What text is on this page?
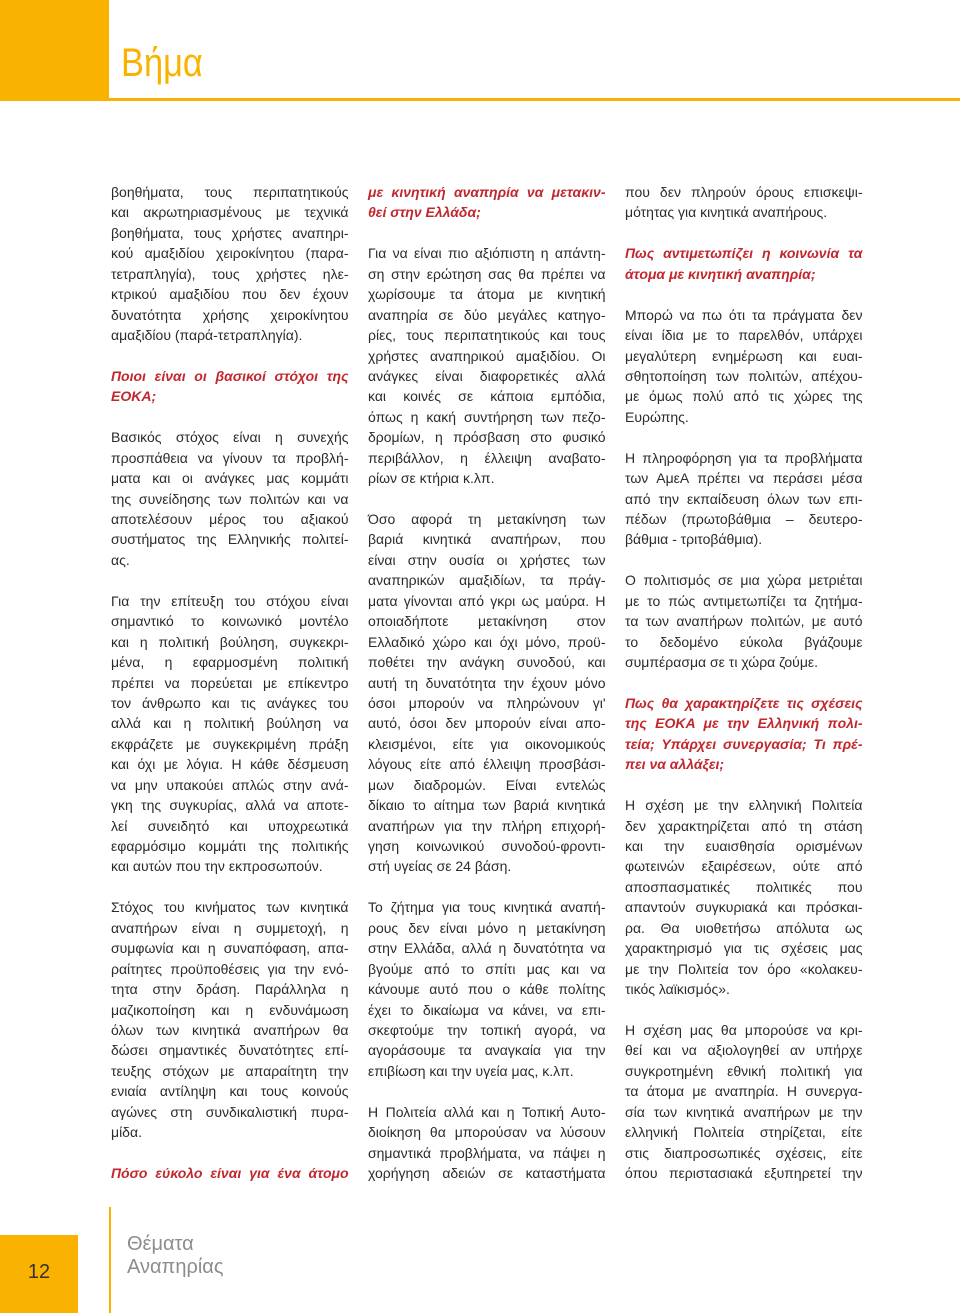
Βήμα
βοηθήματα, τους περιπατητικούς
και ακρωτηριασμένους με τεχνικά
βοηθήματα, τους χρήστες αναπηρι-
κού αμαξιδίου χειροκίνητου (παρα-
τετραπληγία), τους χρήστες ηλε-
κτρικού αμαξιδίου που δεν έχουν
δυνατότητα χρήσης χειροκίνητου
αμαξιδίου (παρά-τετραπληγία).
Ποιοι είναι οι βασικοί στόχοι της
ΕΟΚΑ;
Βασικός στόχος είναι η συνεχής
προσπάθεια να γίνουν τα προβλή-
ματα και οι ανάγκες μας κομμάτι
της συνείδησης των πολιτών και να
αποτελέσουν μέρος του αξιακού
συστήματος της Ελληνικής πολιτεί-
ας.
Για την επίτευξη του στόχου είναι
σημαντικό το κοινωνικό μοντέλο
και η πολιτική βούληση, συγκεκρι-
μένα, η εφαρμοσμένη πολιτική
πρέπει να πορεύεται με επίκεντρο
τον άνθρωπο και τις ανάγκες του
αλλά και η πολιτική βούληση να
εκφράζετε με συγκεκριμένη πράξη
και όχι με λόγια. Η κάθε δέσμευση
να μην υπακούει απλώς στην ανά-
γκη της συγκυρίας, αλλά να αποτε-
λεί συνειδητό και υποχρεωτικά
εφαρμόσιμο κομμάτι της πολιτικής
και αυτών που την εκπροσωπούν.
Στόχος του κινήματος των κινητικά
αναπήρων είναι η συμμετοχή, η
συμφωνία και η συναπόφαση, απα-
ραίτητες προϋποθέσεις για την ενό-
τητα στην δράση. Παράλληλα η
μαζικοποίηση και η ενδυνάμωση
όλων των κινητικά αναπήρων θα
δώσει σημαντικές δυνατότητες επί-
τευξης στόχων με απαραίτητη την
ενιαία αντίληψη και τους κοινούς
αγώνες στη συνδικαλιστική πυρα-
μίδα.
Πόσο εύκολο είναι για ένα άτομο
με κινητική αναπηρία να μετακιν-
θεί στην Ελλάδα;
Για να είναι πιο αξιόπιστη η απάντη-
ση στην ερώτηση σας θα πρέπει να
χωρίσουμε τα άτομα με κινητική
αναπηρία σε δύο μεγάλες κατηγο-
ρίες, τους περιπατητικούς και τους
χρήστες αναπηρικού αμαξιδίου. Οι
ανάγκες είναι διαφορετικές αλλά
και κοινές σε κάποια εμπόδια,
όπως η κακή συντήρηση των πεζο-
δρομίων, η πρόσβαση στο φυσικό
περιβάλλον, η έλλειψη αναβατο-
ρίων σε κτήρια κ.λπ.
Όσο αφορά τη μετακίνηση των
βαριά κινητικά αναπήρων, που
είναι στην ουσία οι χρήστες των
αναπηρικών αμαξιδίων, τα πράγ-
ματα γίνονται από γκρι ως μαύρα. Η
οποιαδήποτε μετακίνηση στον
Ελλαδικό χώρο και όχι μόνο, προϋ-
ποθέτει την ανάγκη συνοδού, και
αυτή τη δυνατότητα την έχουν μόνο
όσοι μπορούν να πληρώνουν γι'
αυτό, όσοι δεν μπορούν είναι απο-
κλεισμένοι, είτε για οικονομικούς
λόγους είτε από έλλειψη προσβάσι-
μων διαδρομών. Είναι εντελώς
δίκαιο το αίτημα των βαριά κινητικά
αναπήρων για την πλήρη επιχορή-
γηση κοινωνικού συνοδού-φροντι-
στή υγείας σε 24 βάση.
Το ζήτημα για τους κινητικά αναπή-
ρους δεν είναι μόνο η μετακίνηση
στην Ελλάδα, αλλά η δυνατότητα να
βγούμε από το σπίτι μας και να
κάνουμε αυτό που ο κάθε πολίτης
έχει το δικαίωμα να κάνει, να επι-
σκεφτούμε την τοπική αγορά, να
αγοράσουμε τα αναγκαία για την
επιβίωση και την υγεία μας, κ.λπ.
Η Πολιτεία αλλά και η Τοπική Αυτο-
διοίκηση θα μπορούσαν να λύσουν
σημαντικά προβλήματα, να πάψει η
χορήγηση αδειών σε καταστήματα
που δεν πληρούν όρους επισκεψι-
μότητας για κινητικά αναπήρους.
Πως αντιμετωπίζει η κοινωνία τα
άτομα με κινητική αναπηρία;
Μπορώ να πω ότι τα πράγματα δεν
είναι ίδια με το παρελθόν, υπάρχει
μεγαλύτερη ενημέρωση και ευαι-
σθητοποίηση των πολιτών, απέχου-
με όμως πολύ από τις χώρες της
Ευρώπης.
Η πληροφόρηση για τα προβλήματα
των ΑμεΑ πρέπει να περάσει μέσα
από την εκπαίδευση όλων των επι-
πέδων (πρωτοβάθμια – δευτερο-
βάθμια - τριτοβάθμια).
Ο πολιτισμός σε μια χώρα μετριέται
με το πώς αντιμετωπίζει τα ζητήμα-
τα των αναπήρων πολιτών, με αυτό
το δεδομένο εύκολα βγάζουμε
συμπέρασμα σε τι χώρα ζούμε.
Πως θα χαρακτηρίζετε τις σχέσεις
της ΕΟΚΑ με την Ελληνική πολι-
τεία; Υπάρχει συνεργασία; Τι πρέ-
πει να αλλάξει;
Η σχέση με την ελληνική Πολιτεία
δεν χαρακτηρίζεται από τη στάση
και την ευαισθησία ορισμένων
φωτεινών εξαιρέσεων, ούτε από
αποσπασματικές πολιτικές που
απαντούν συγκυριακά και πρόσκαι-
ρα. Θα υιοθετήσω απόλυτα ως
χαρακτηρισμό για τις σχέσεις μας
με την Πολιτεία τον όρο «κολακευ-
τικός λαϊκισμός».
Η σχέση μας θα μπορούσε να κρι-
θεί και να αξιολογηθεί αν υπήρχε
συγκροτημένη εθνική πολιτική για
τα άτομα με αναπηρία. Η συνεργα-
σία των κινητικά αναπήρων με την
ελληνική Πολιτεία στηρίζεται, είτε
στις διαπροσωπικές σχέσεις, είτε
όπου περιστασιακά εξυπηρετεί την
12
Θέματα
Αναπηρίας
